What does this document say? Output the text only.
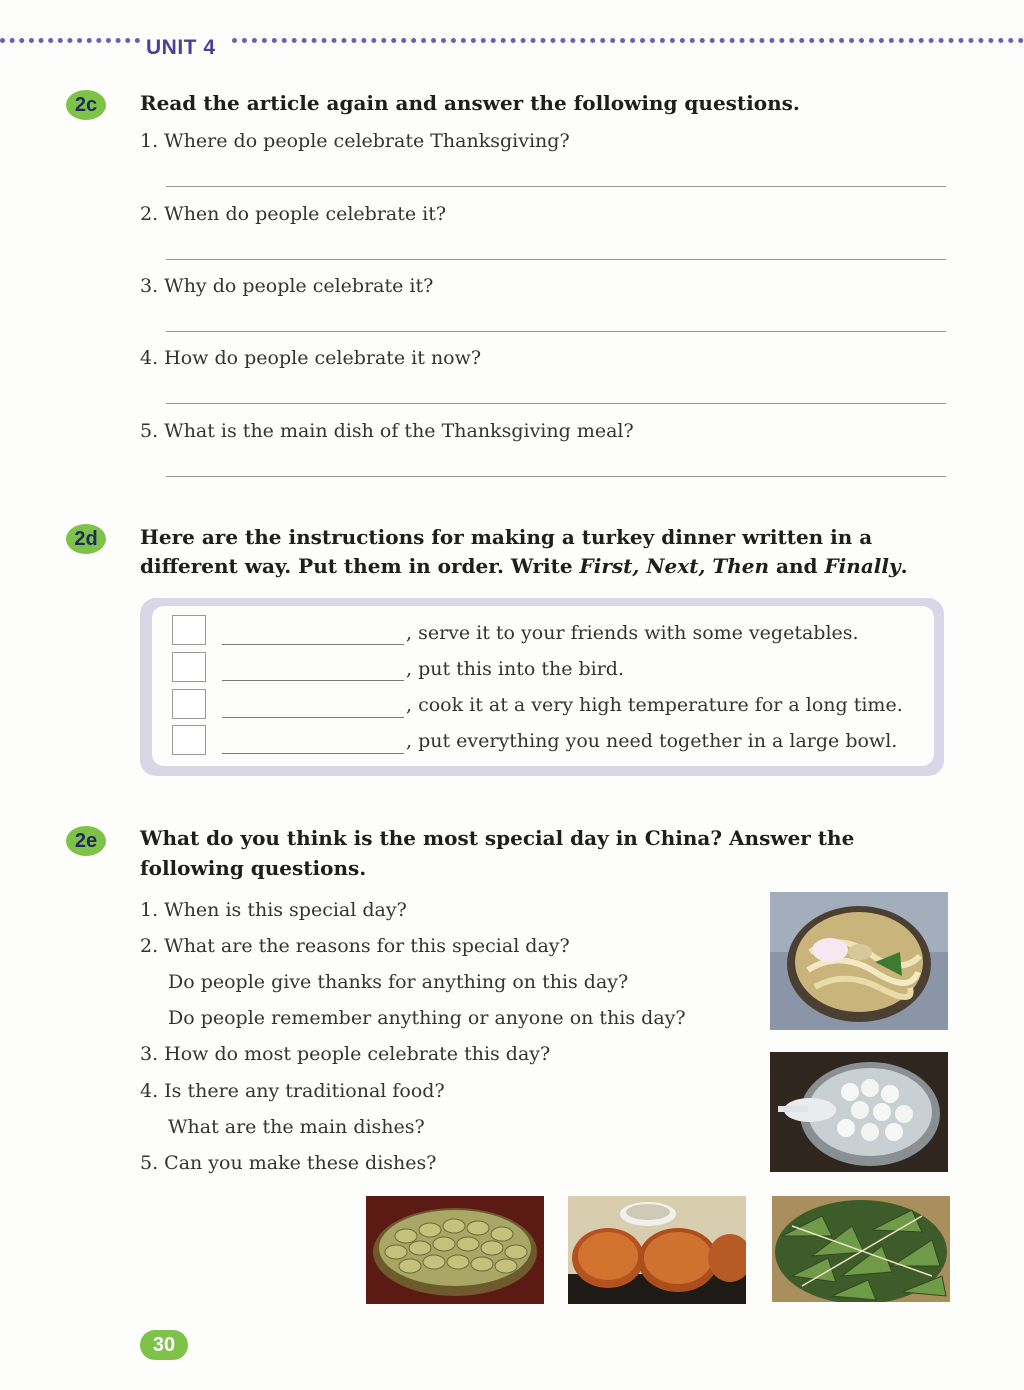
UNIT 4
2c	Read the article again and answer the following questions.
1. Where do people celebrate Thanksgiving?
2. When do people celebrate it?
3. Why do people celebrate it?
4. How do people celebrate it now?
5. What is the main dish of the Thanksgiving meal?
2d	Here are the instructions for making a turkey dinner written in a
different way. Put them in order. Write First, Next, Then and Finally.
, serve it to your friends with some vegetables.
, put this into the bird.
, cook it at a very high temperature for a long time.
, put everything you need together in a large bowl.
2e	What do you think is the most special day in China? Answer the
following questions.
1. When is this special day?
2. What are the reasons for this special day?
Do people give thanks for anything on this day?
Do people remember anything or anyone on this day?
3. How do most people celebrate this day?
4. Is there any traditional food?
What are the main dishes?
5. Can you make these dishes?
30
